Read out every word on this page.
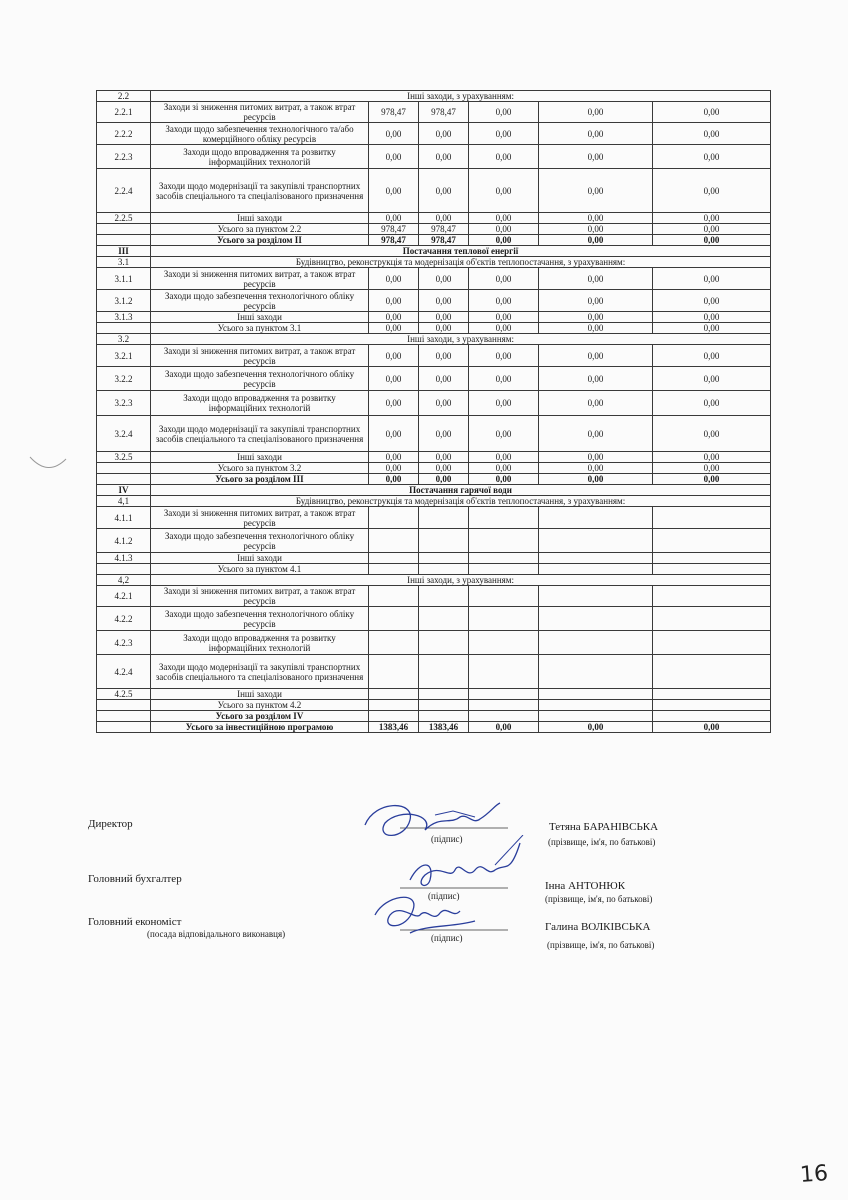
2.2	Інші заходи, з урахуванням:					
2.2.1	Заходи зі зниження питомих витрат, а також втрат ресурсів	978,47	978,47	0,00	0,00	0,00
2.2.2	Заходи щодо забезпечення технологічного та/або комерційного обліку ресурсів	0,00	0,00	0,00	0,00	0,00
2.2.3	Заходи щодо впровадження та розвитку інформаційних технологій	0,00	0,00	0,00	0,00	0,00
2.2.4	Заходи щодо модернізації та закупівлі транспортних засобів спеціального та спеціалізованого призначення	0,00	0,00	0,00	0,00	0,00
2.2.5	Інші заходи	0,00	0,00	0,00	0,00	0,00
	Усього за пунктом 2.2	978,47	978,47	0,00	0,00	0,00
	Усього за розділом ІІ	978,47	978,47	0,00	0,00	0,00
ІІІ	Постачання теплової енергії					
3.1	Будівництво, реконструкція та модернізація об'єктів теплопостачання, з урахуванням:					
3.1.1	Заходи зі зниження питомих витрат, а також втрат ресурсів	0,00	0,00	0,00	0,00	0,00
3.1.2	Заходи щодо забезпечення технологічного обліку ресурсів	0,00	0,00	0,00	0,00	0,00
3.1.3	Інші заходи	0,00	0,00	0,00	0,00	0,00
	Усього за пунктом 3.1	0,00	0,00	0,00	0,00	0,00
3.2	Інші заходи, з урахуванням:					
3.2.1	Заходи зі зниження питомих витрат, а також втрат ресурсів	0,00	0,00	0,00	0,00	0,00
3.2.2	Заходи щодо забезпечення технологічного обліку ресурсів	0,00	0,00	0,00	0,00	0,00
3.2.3	Заходи щодо впровадження та розвитку інформаційних технологій	0,00	0,00	0,00	0,00	0,00
3.2.4	Заходи щодо модернізації та закупівлі транспортних засобів спеціального та спеціалізованого призначення	0,00	0,00	0,00	0,00	0,00
3.2.5	Інші заходи	0,00	0,00	0,00	0,00	0,00
	Усього за пунктом 3.2	0,00	0,00	0,00	0,00	0,00
	Усього за розділом ІІІ	0,00	0,00	0,00	0,00	0,00
IV	Постачання гарячої води					
4,1	Будівництво, реконструкція та модернізація об'єктів теплопостачання, з урахуванням:					
4.1.1	Заходи зі зниження питомих витрат, а також втрат ресурсів					
4.1.2	Заходи щодо забезпечення технологічного обліку ресурсів					
4.1.3	Інші заходи					
	Усього за пунктом 4.1					
4,2	Інші заходи, з урахуванням:					
4.2.1	Заходи зі зниження питомих витрат, а також втрат ресурсів					
4.2.2	Заходи щодо забезпечення технологічного обліку ресурсів					
4.2.3	Заходи щодо впровадження та розвитку інформаційних технологій					
4.2.4	Заходи щодо модернізації та закупівлі транспортних засобів спеціального та спеціалізованого призначення					
4.2.5	Інші заходи					
	Усього за пунктом 4.2					
	Усього за розділом IV					
	Усього за інвестиційною програмою	1383,46	1383,46	0,00	0,00	0,00
Директор	Тетяна БАРАНІВСЬКА
(підпис)	(прізвище, ім'я, по батькові)
Головний бухгалтер
Інна АНТОНЮК
(підпис)	(прізвище, ім'я, по батькові)
Головний економіст
(посада відповідального виконавця)
Галина ВОЛКІВСЬКА
(підпис)
(прізвище, ім'я, по батькові)
16
